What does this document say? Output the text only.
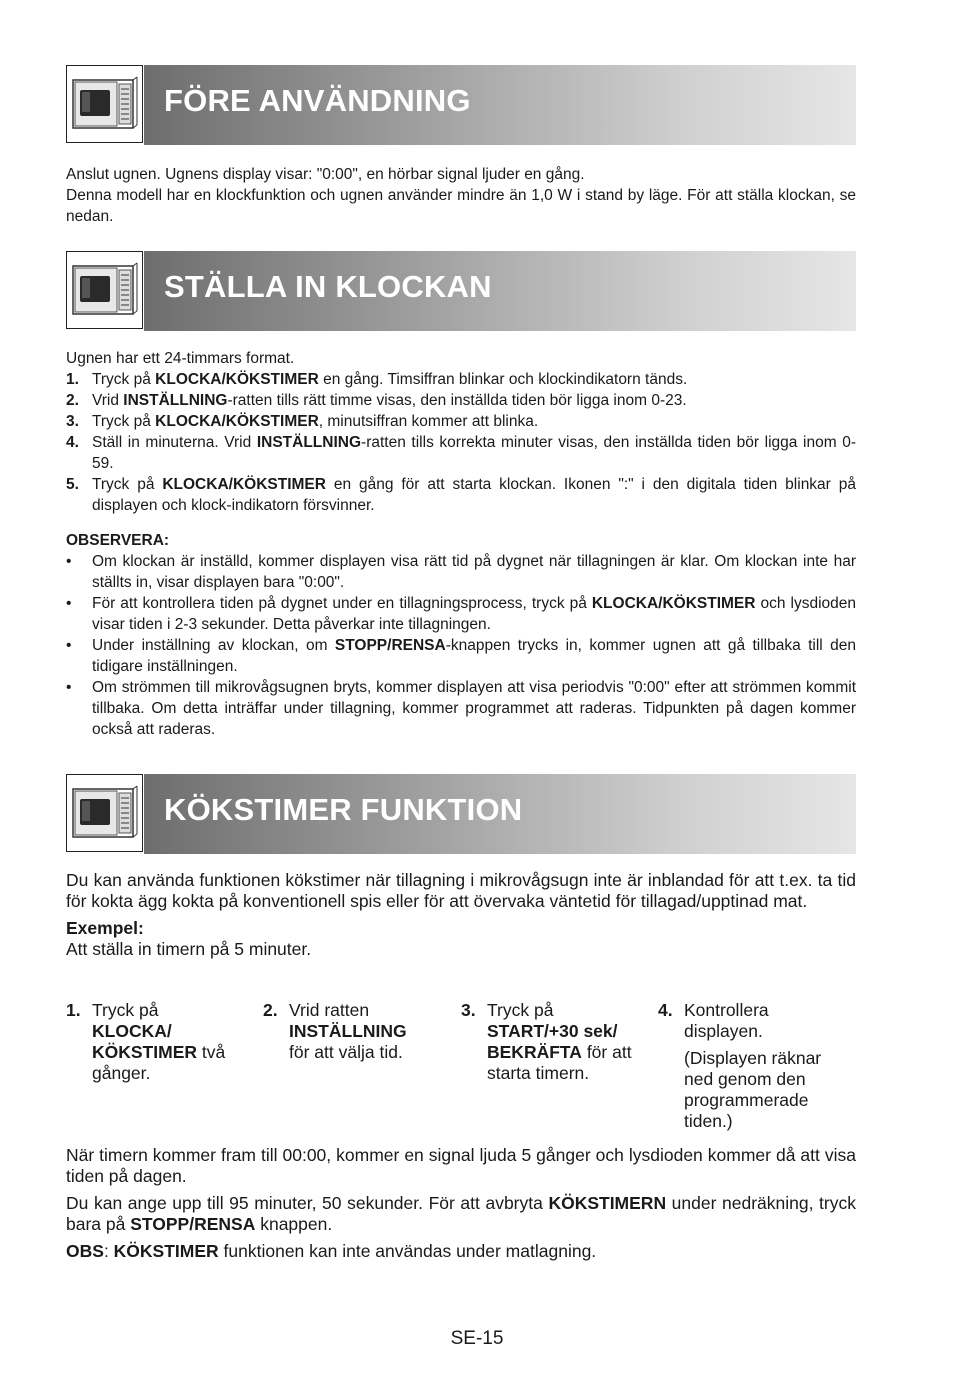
FÖRE ANVÄNDNING

Anslut ugnen. Ugnens display visar: "0:00", en hörbar signal ljuder en gång.

Denna modell har en klockfunktion och ugnen använder mindre än 1,0 W i stand by läge. För att ställa klockan, se nedan.

STÄLLA IN KLOCKAN

Ugnen har ett 24-timmars format.

1. Tryck på KLOCKA/KÖKSTIMER en gång. Timsiffran blinkar och klockindikatorn tänds.
2. Vrid INSTÄLLNING-ratten tills rätt timme visas, den inställda tiden bör ligga inom 0-23.
3. Tryck på KLOCKA/KÖKSTIMER, minutsiffran kommer att blinka.
4. Ställ in minuterna. Vrid INSTÄLLNING-ratten tills korrekta minuter visas, den inställda tiden bör ligga inom 0-59.
5. Tryck på KLOCKA/KÖKSTIMER en gång för att starta klockan. Ikonen ":" i den digitala tiden blinkar på displayen och klock-indikatorn försvinner.

OBSERVERA:

• Om klockan är inställd, kommer displayen visa rätt tid på dygnet när tillagningen är klar. Om klockan inte har ställts in, visar displayen bara "0:00".
• För att kontrollera tiden på dygnet under en tillagningsprocess, tryck på KLOCKA/KÖKSTIMER och lysdioden visar tiden i 2-3 sekunder. Detta påverkar inte tillagningen.
• Under inställning av klockan, om STOPP/RENSA-knappen trycks in, kommer ugnen att gå tillbaka till den tidigare inställningen.
• Om strömmen till mikrovågsugnen bryts, kommer displayen att visa periodvis "0:00" efter att strömmen kommit tillbaka. Om detta inträffar under tillagning, kommer programmet att raderas. Tidpunkten på dagen kommer också att raderas.
KÖKSTIMER FUNKTION

Du kan använda funktionen kökstimer när tillagning i mikrovågsugn inte är inblandad för att t.ex. ta tid för kokta ägg kokta på konventionell spis eller för att övervaka väntetid för tillagad/upptinad mat.

Exempel:

Att ställa in timern på 5 minuter.

1. Tryck på
KLOCKA/ KÖKSTIMER två gånger.

2. Vrid ratten
INSTÄLLNING
för att välja tid.

3. Tryck på
START/+30 sek/ BEKRÄFTA för att starta timern.

4. Kontrollera displayen.

(Displayen räknar ned genom den programmerade tiden.)

När timern kommer fram till 00:00, kommer en signal ljuda 5 gånger och lysdioden kommer då att visa tiden på dagen.

Du kan ange upp till 95 minuter, 50 sekunder. För att avbryta KÖKSTIMERN under nedräkning, tryck bara på STOPP/RENSA knappen.

OBS: KÖKSTIMER funktionen kan inte användas under matlagning.

SE-15
